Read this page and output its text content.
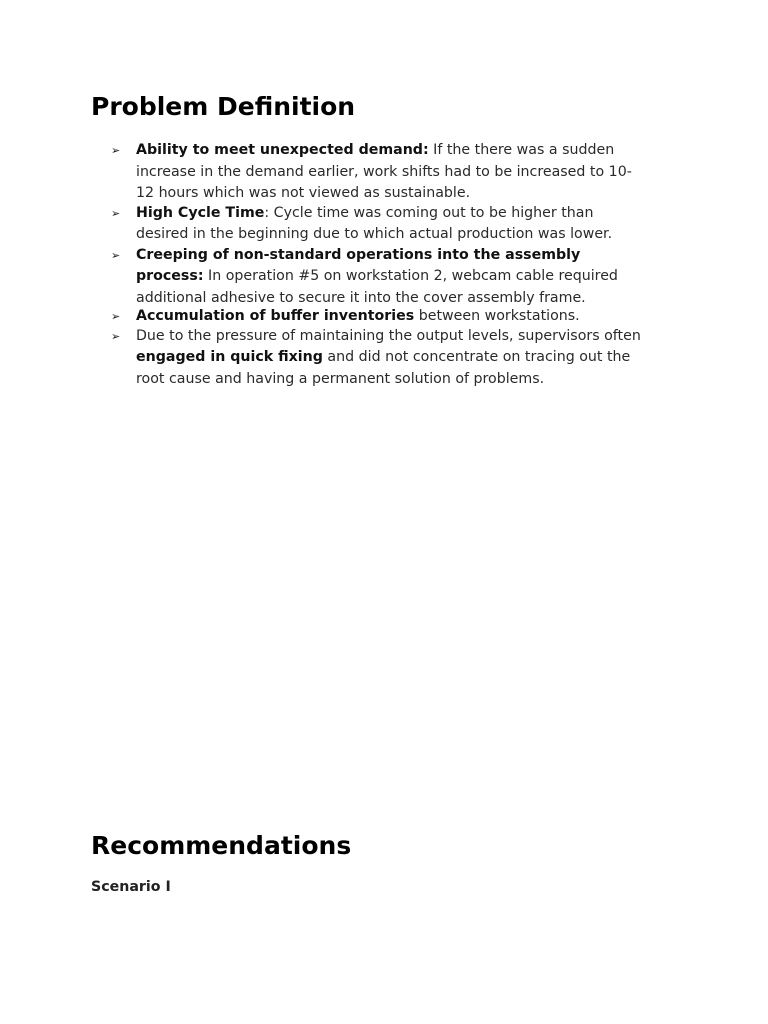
Problem Definition
➢ Ability to meet unexpected demand: If the there was a sudden
increase in the demand earlier, work shifts had to be increased to 10-
12 hours which was not viewed as sustainable.
➢ High Cycle Time: Cycle time was coming out to be higher than
desired in the beginning due to which actual production was lower.
➢ Creeping of non-standard operations into the assembly
process: In operation #5 on workstation 2, webcam cable required
additional adhesive to secure it into the cover assembly frame.
➢ Accumulation of buffer inventories between workstations.
➢ Due to the pressure of maintaining the output levels, supervisors often
engaged in quick fixing and did not concentrate on tracing out the
root cause and having a permanent solution of problems.
Recommendations
Scenario I
